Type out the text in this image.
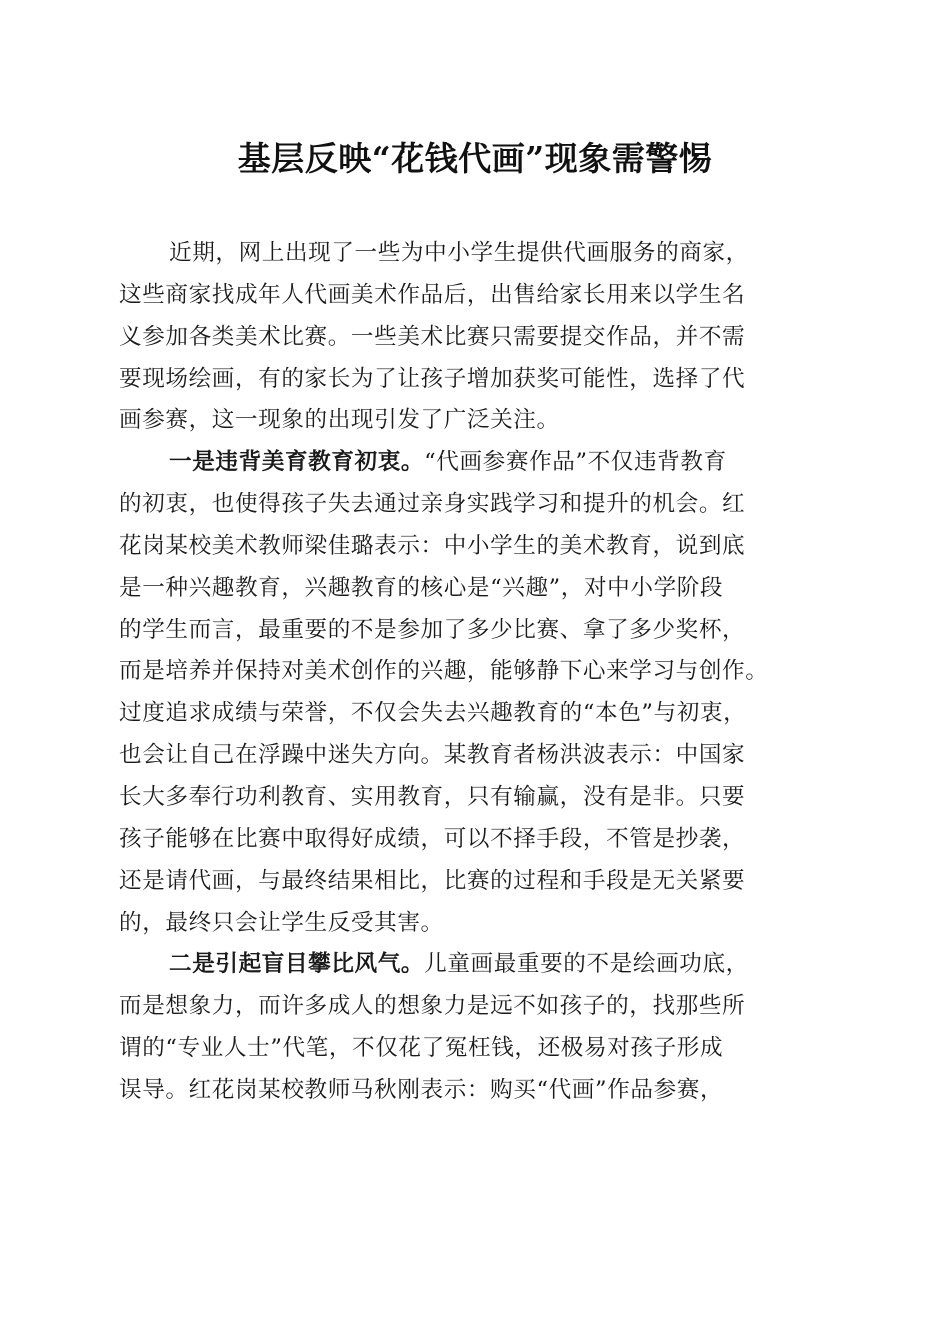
基层反映“花钱代画”现象需警惕
近期，网上出现了一些为中小学生提供代画服务的商家，
这些商家找成年人代画美术作品后，出售给家长用来以学生名
义参加各类美术比赛。一些美术比赛只需要提交作品，并不需
要现场绘画，有的家长为了让孩子增加获奖可能性，选择了代
画参赛，这一现象的出现引发了广泛关注。
一是违背美育教育初衷。“代画参赛作品”不仅违背教育
的初衷，也使得孩子失去通过亲身实践学习和提升的机会。红
花岗某校美术教师梁佳璐表示：中小学生的美术教育，说到底
是一种兴趣教育，兴趣教育的核心是“兴趣”，对中小学阶段
的学生而言，最重要的不是参加了多少比赛、拿了多少奖杯，
而是培养并保持对美术创作的兴趣，能够静下心来学习与创作。
过度追求成绩与荣誉，不仅会失去兴趣教育的“本色”与初衷，
也会让自己在浮躁中迷失方向。某教育者杨洪波表示：中国家
长大多奉行功利教育、实用教育，只有输赢，没有是非。只要
孩子能够在比赛中取得好成绩，可以不择手段，不管是抄袭，
还是请代画，与最终结果相比，比赛的过程和手段是无关紧要
的，最终只会让学生反受其害。
二是引起盲目攀比风气。儿童画最重要的不是绘画功底，
而是想象力，而许多成人的想象力是远不如孩子的，找那些所
谓的“专业人士”代笔，不仅花了冤枉钱，还极易对孩子形成
误导。红花岗某校教师马秋刚表示：购买“代画”作品参赛，
